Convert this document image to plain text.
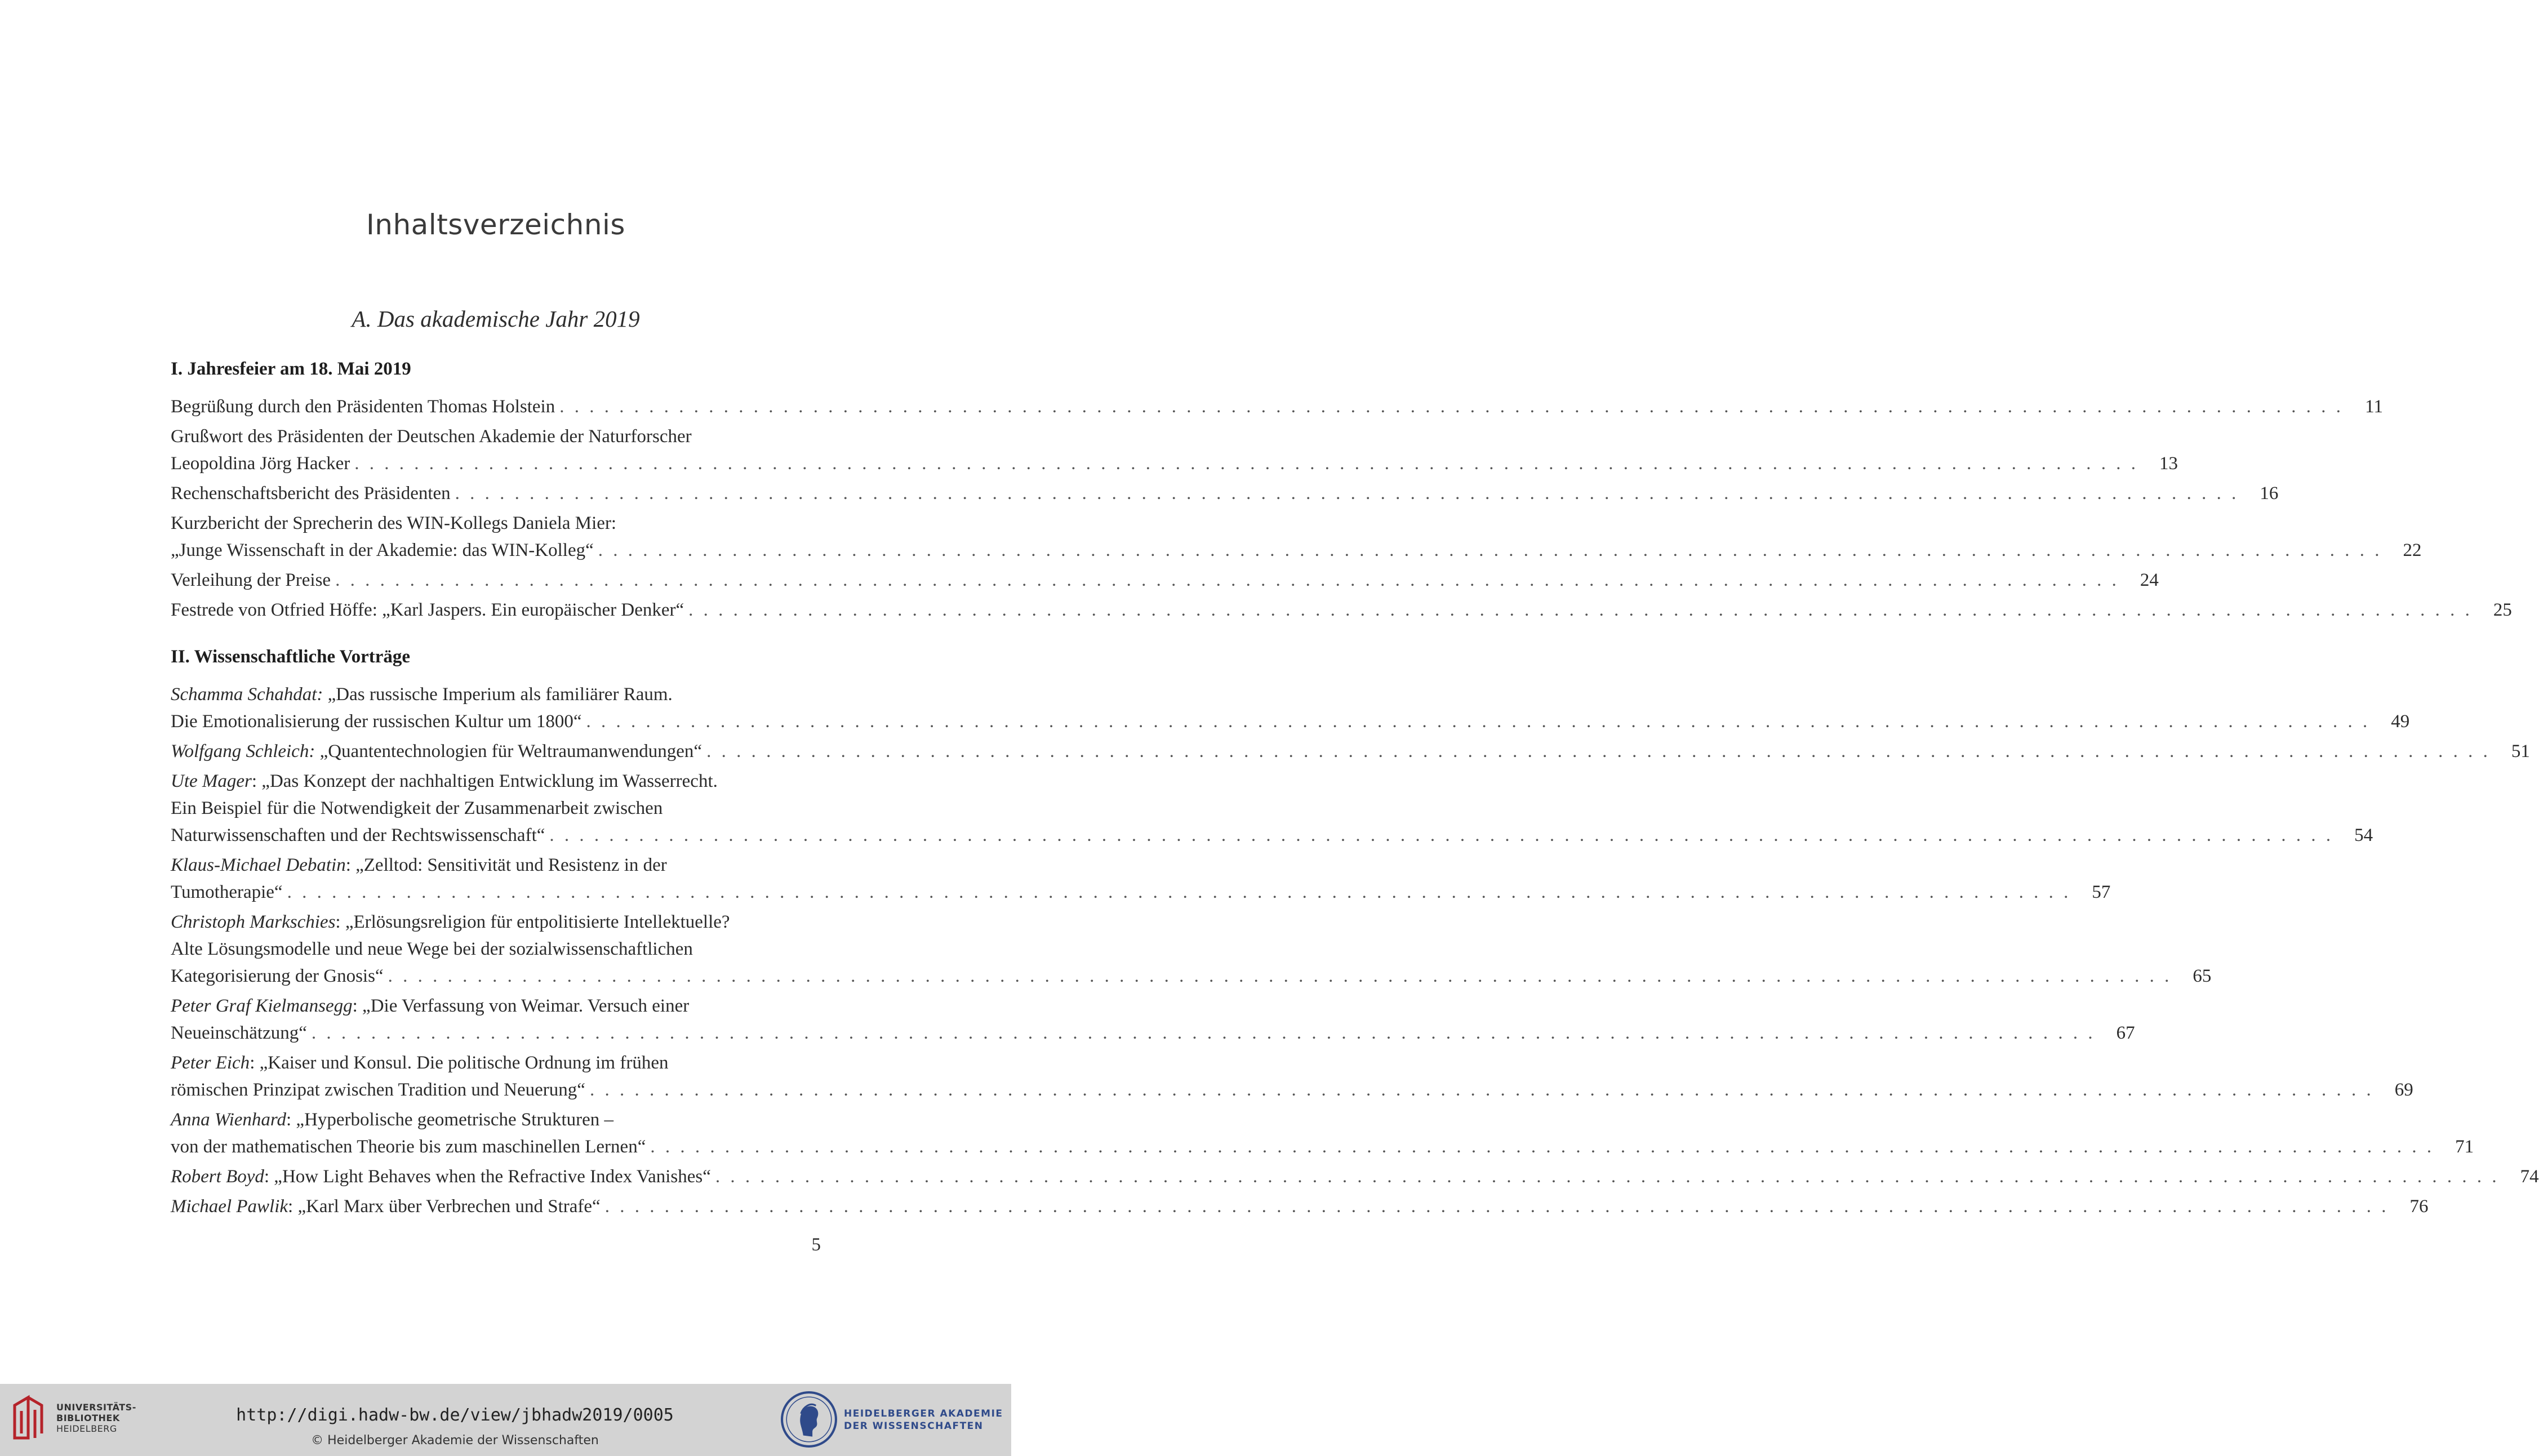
Inhaltsverzeichnis
A. Das akademische Jahr 2019
I. Jahresfeier am 18. Mai 2019
Begrüßung durch den Präsidenten Thomas Holstein . . . . . . . . . . . . . . . . . . . . . . . . . . . . . . . . . . . . . . . . . . . . . . . . . . . . . . . . . . . . . . . . . . . . . . . . . . . . . . . . . . . . . . . . . . . . . . . . . . . . . . . . . . . . . . . . . . . . . . . . 11
Grußwort des Präsidenten der Deutschen Akademie der Naturforscher
Leopoldina Jörg Hacker . . . . . . . . . . . . . . . . . . . . . . . . . . . . . . . . . . . . . . . . . . . . . . . . . . . . . . . . . . . . . . . . . . . . . . . . . . . . . . . . . . . . . . . . . . . . . . . . . . . . . . . . . . . . . . . . . . . . . . . . 13
Rechenschaftsbericht des Präsidenten . . . . . . . . . . . . . . . . . . . . . . . . . . . . . . . . . . . . . . . . . . . . . . . . . . . . . . . . . . . . . . . . . . . . . . . . . . . . . . . . . . . . . . . . . . . . . . . . . . . . . . . . . . . . . . . . . . . . . . . . 16
Kurzbericht der Sprecherin des WIN-Kollegs Daniela Mier:
„Junge Wissenschaft in der Akademie: das WIN-Kolleg“ . . . . . . . . . . . . . . . . . . . . . . . . . . . . . . . . . . . . . . . . . . . . . . . . . . . . . . . . . . . . . . . . . . . . . . . . . . . . . . . . . . . . . . . . . . . . . . . . . . . . . . . . . . . . . . . . . . . . . . . . 22
Verleihung der Preise . . . . . . . . . . . . . . . . . . . . . . . . . . . . . . . . . . . . . . . . . . . . . . . . . . . . . . . . . . . . . . . . . . . . . . . . . . . . . . . . . . . . . . . . . . . . . . . . . . . . . . . . . . . . . . . . . . . . . . . . 24
Festrede von Otfried Höffe: „Karl Jaspers. Ein europäischer Denker“ . . . . . . . . . . . . . . . . . . . . . . . . . . . . . . . . . . . . . . . . . . . . . . . . . . . . . . . . . . . . . . . . . . . . . . . . . . . . . . . . . . . . . . . . . . . . . . . . . . . . . . . . . . . . . . . . . . . . . . . . 25
II. Wissenschaftliche Vorträge
Schamma Schahdat: „Das russische Imperium als familiärer Raum.
Die Emotionalisierung der russischen Kultur um 1800“ . . . . . . . . . . . . . . . . . . . . . . . . . . . . . . . . . . . . . . . . . . . . . . . . . . . . . . . . . . . . . . . . . . . . . . . . . . . . . . . . . . . . . . . . . . . . . . . . . . . . . . . . . . . . . . . . . . . . . . . . 49
Wolfgang Schleich: „Quantentechnologien für Weltraumanwendungen“ . . . . . . . . . . . . . . . . . . . . . . . . . . . . . . . . . . . . . . . . . . . . . . . . . . . . . . . . . . . . . . . . . . . . . . . . . . . . . . . . . . . . . . . . . . . . . . . . . . . . . . . . . . . . . . . . . . . . . . . . 51
Ute Mager: „Das Konzept der nachhaltigen Entwicklung im Wasserrecht.
Ein Beispiel für die Notwendigkeit der Zusammenarbeit zwischen
Naturwissenschaften und der Rechtswissenschaft“ . . . . . . . . . . . . . . . . . . . . . . . . . . . . . . . . . . . . . . . . . . . . . . . . . . . . . . . . . . . . . . . . . . . . . . . . . . . . . . . . . . . . . . . . . . . . . . . . . . . . . . . . . . . . . . . . . . . . . . . . 54
Klaus-Michael Debatin: „Zelltod: Sensitivität und Resistenz in der
Tumotherapie“ . . . . . . . . . . . . . . . . . . . . . . . . . . . . . . . . . . . . . . . . . . . . . . . . . . . . . . . . . . . . . . . . . . . . . . . . . . . . . . . . . . . . . . . . . . . . . . . . . . . . . . . . . . . . . . . . . . . . . . . . 57
Christoph Markschies: „Erlösungsreligion für entpolitisierte Intellektuelle?
Alte Lösungsmodelle und neue Wege bei der sozialwissenschaftlichen
Kategorisierung der Gnosis“ . . . . . . . . . . . . . . . . . . . . . . . . . . . . . . . . . . . . . . . . . . . . . . . . . . . . . . . . . . . . . . . . . . . . . . . . . . . . . . . . . . . . . . . . . . . . . . . . . . . . . . . . . . . . . . . . . . . . . . . . 65
Peter Graf Kielmansegg: „Die Verfassung von Weimar. Versuch einer
Neueinschätzung“ . . . . . . . . . . . . . . . . . . . . . . . . . . . . . . . . . . . . . . . . . . . . . . . . . . . . . . . . . . . . . . . . . . . . . . . . . . . . . . . . . . . . . . . . . . . . . . . . . . . . . . . . . . . . . . . . . . . . . . . . 67
Peter Eich: „Kaiser und Konsul. Die politische Ordnung im frühen
römischen Prinzipat zwischen Tradition und Neuerung“ . . . . . . . . . . . . . . . . . . . . . . . . . . . . . . . . . . . . . . . . . . . . . . . . . . . . . . . . . . . . . . . . . . . . . . . . . . . . . . . . . . . . . . . . . . . . . . . . . . . . . . . . . . . . . . . . . . . . . . . . 69
Anna Wienhard: „Hyperbolische geometrische Strukturen –
von der mathematischen Theorie bis zum maschinellen Lernen“ . . . . . . . . . . . . . . . . . . . . . . . . . . . . . . . . . . . . . . . . . . . . . . . . . . . . . . . . . . . . . . . . . . . . . . . . . . . . . . . . . . . . . . . . . . . . . . . . . . . . . . . . . . . . . . . . . . . . . . . . 71
Robert Boyd: „How Light Behaves when the Refractive Index Vanishes“ . . . . . . . . . . . . . . . . . . . . . . . . . . . . . . . . . . . . . . . . . . . . . . . . . . . . . . . . . . . . . . . . . . . . . . . . . . . . . . . . . . . . . . . . . . . . . . . . . . . . . . . . . . . . . . . . . . . . . . . . 74
Michael Pawlik: „Karl Marx über Verbrechen und Strafe“ . . . . . . . . . . . . . . . . . . . . . . . . . . . . . . . . . . . . . . . . . . . . . . . . . . . . . . . . . . . . . . . . . . . . . . . . . . . . . . . . . . . . . . . . . . . . . . . . . . . . . . . . . . . . . . . . . . . . . . . . 76
5
UNIVERSITÄTS-
BIBLIOTHEK
HEIDELBERG
http://digi.hadw-bw.de/view/jbhadw2019/0005
© Heidelberger Akademie der Wissenschaften
HEIDELBERGER AKADEMIE
DER WISSENSCHAFTEN
